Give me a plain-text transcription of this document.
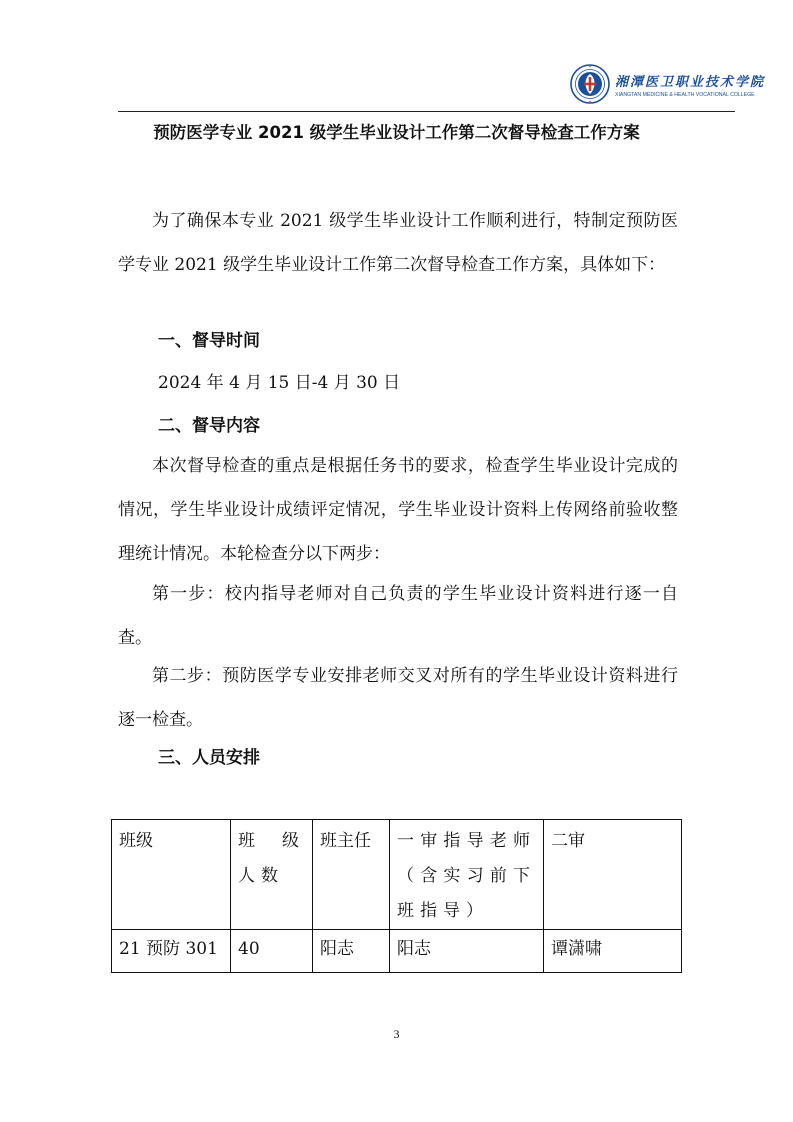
湘潭医卫职业技术学院
XIANGTAN MEDICINE & HEALTH VOCATIONAL COLLEGE
预防医学专业 2021 级学生毕业设计工作第二次督导检查工作方案
为了确保本专业 2021 级学生毕业设计工作顺利进行，特制定预防医学专业 2021 级学生毕业设计工作第二次督导检查工作方案，具体如下：
一、督导时间
2024 年 4 月 15 日-4 月 30 日
二、督导内容
本次督导检查的重点是根据任务书的要求，检查学生毕业设计完成的情况，学生毕业设计成绩评定情况，学生毕业设计资料上传网络前验收整理统计情况。本轮检查分以下两步：
第一步：校内指导老师对自己负责的学生毕业设计资料进行逐一自查。
第二步：预防医学专业安排老师交叉对所有的学生毕业设计资料进行逐一检查。
三、人员安排
班级	班级人数	班主任	一审指导老师（含实习前下班指导）	二审
21 预防 301	40	阳志	阳志	谭潇啸
3
